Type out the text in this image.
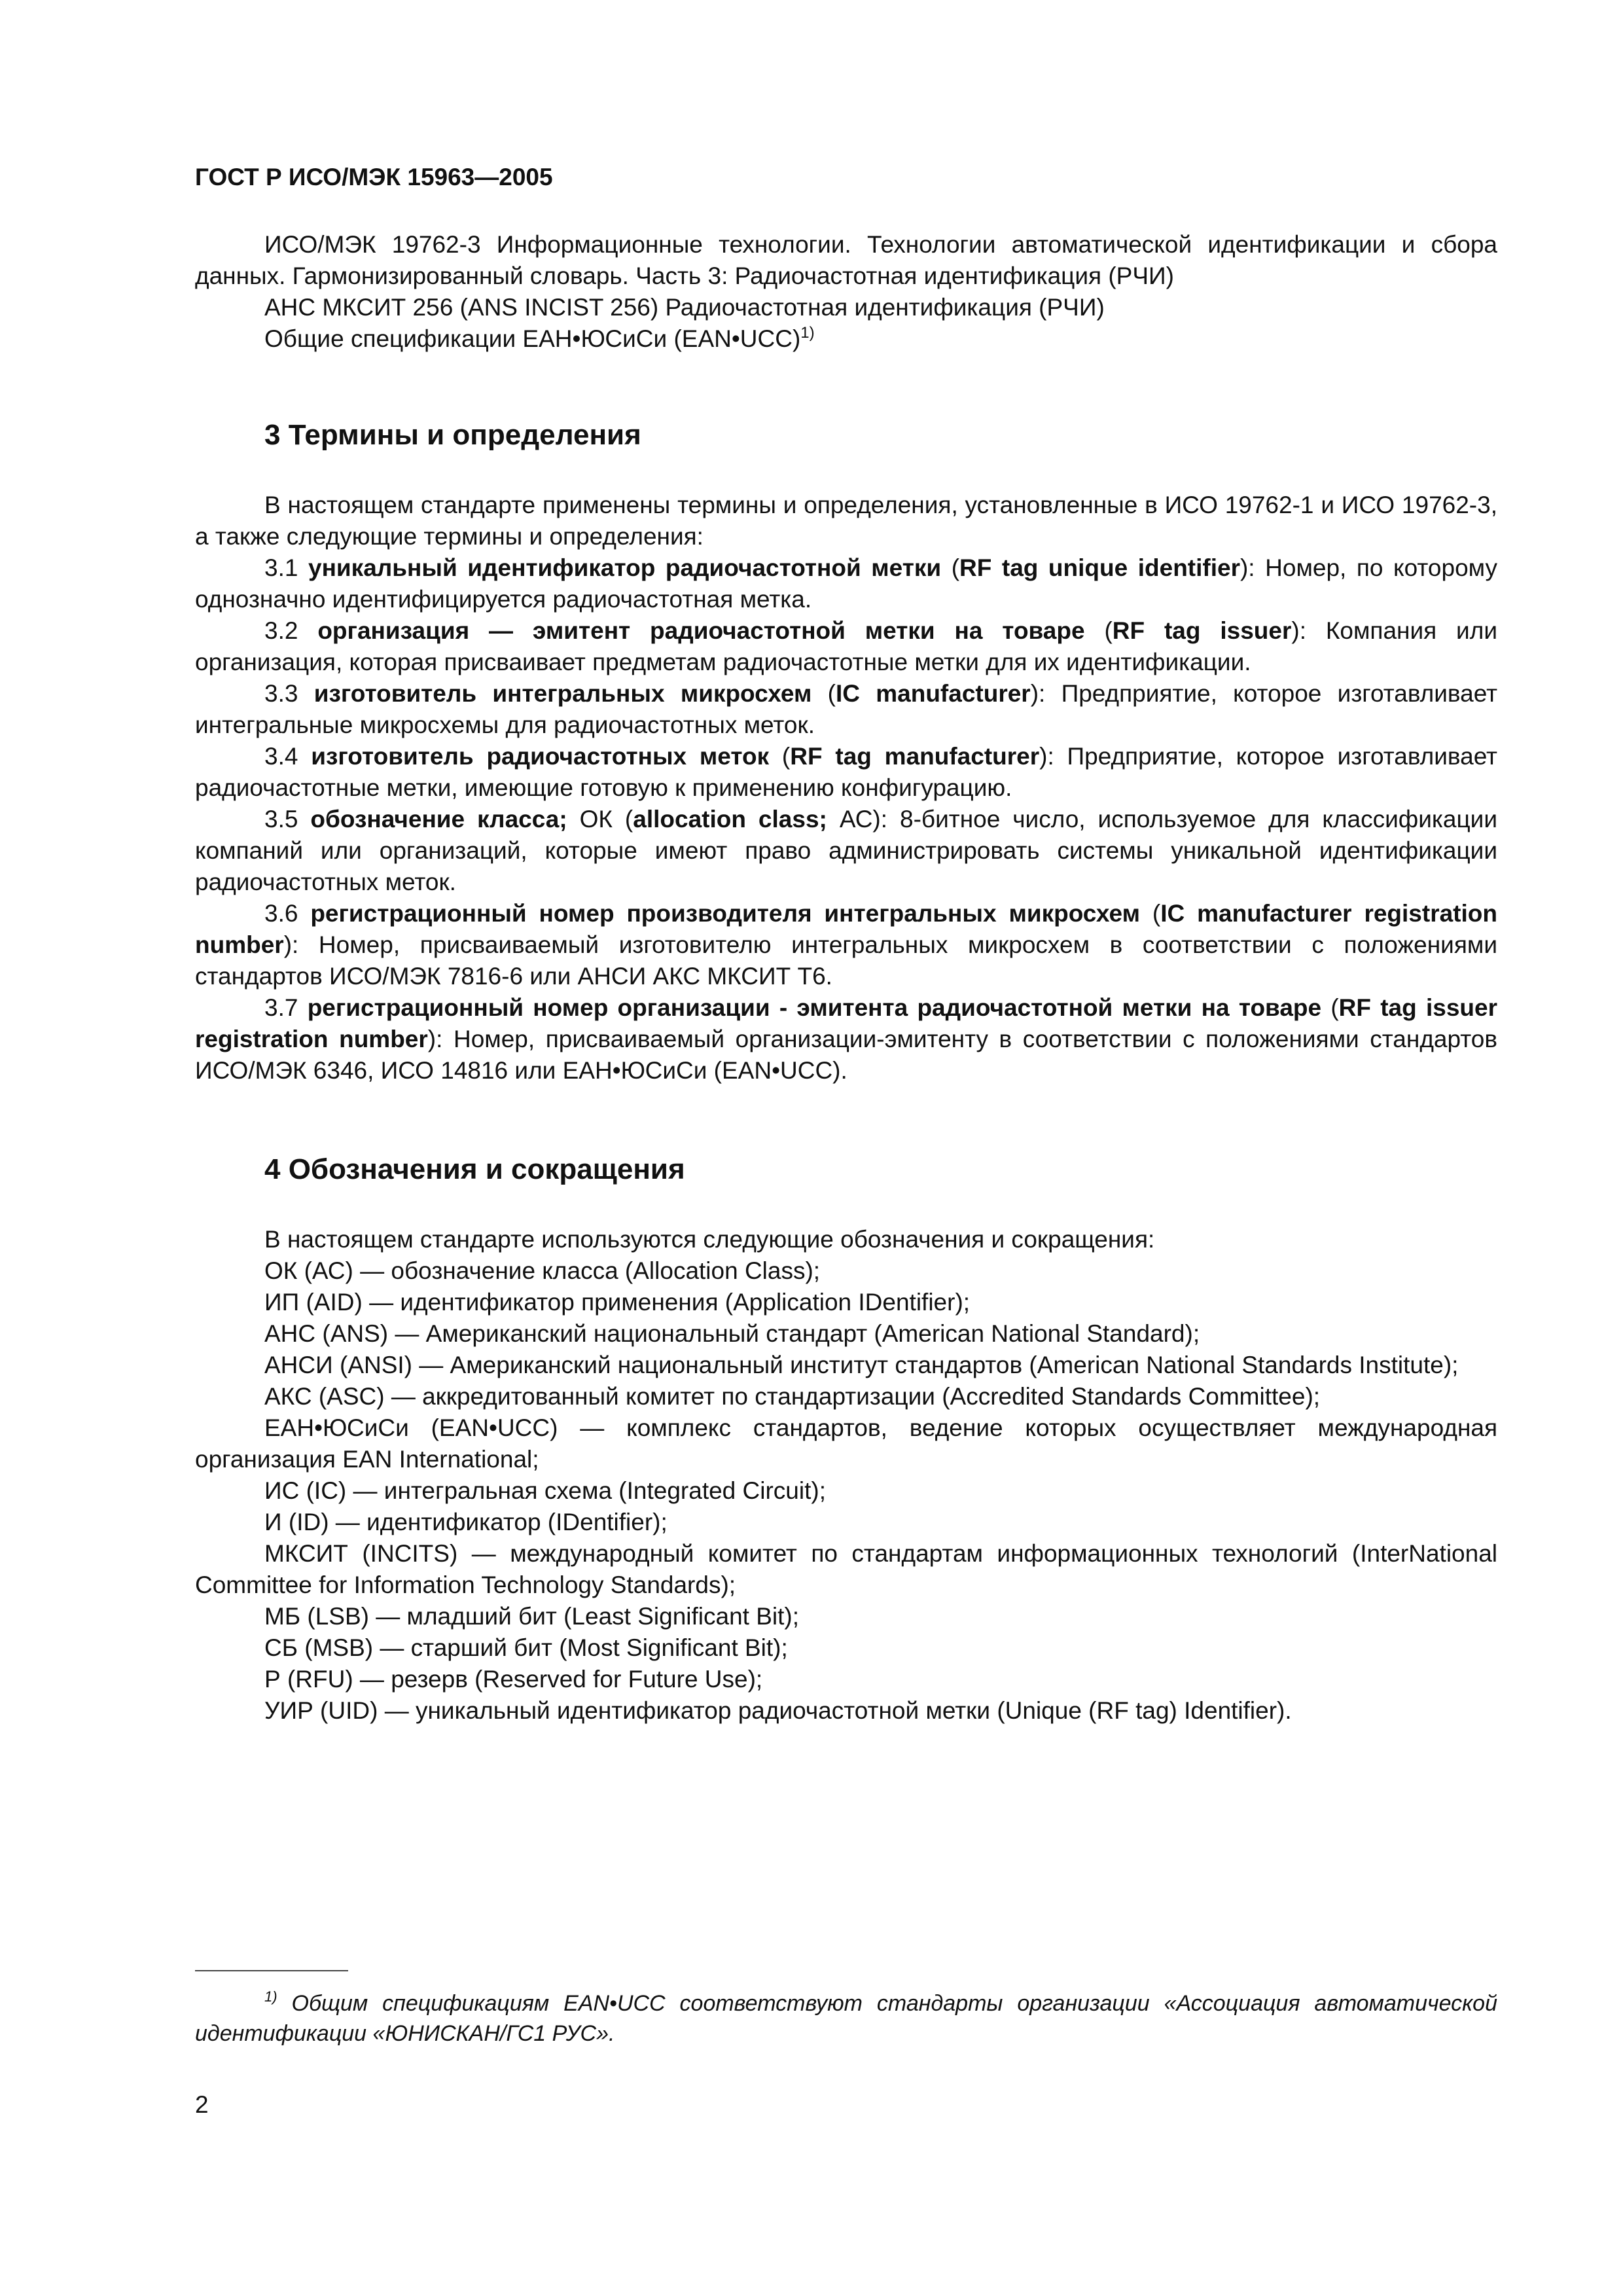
ГОСТ Р ИСО/МЭК 15963—2005

ИСО/МЭК 19762-3 Информационные технологии. Технологии автоматической идентификации и сбора данных. Гармонизированный словарь. Часть 3: Радиочастотная идентификация (РЧИ)

АНС МКСИТ 256 (ANS INCIST 256) Радиочастотная идентификация (РЧИ)

Общие спецификации ЕАН•ЮСиСи (EAN•UCC)$^{1)}$

3 Термины и определения

В настоящем стандарте применены термины и определения, установленные в ИСО 19762-1 и ИСО 19762-3, а также следующие термины и определения:

3.1 уникальный идентификатор радиочастотной метки (RF tag unique identifier): Номер, по которому однозначно идентифицируется радиочастотная метка.

3.2 организация — эмитент радиочастотной метки на товаре (RF tag issuer): Компания или организация, которая присваивает предметам радиочастотные метки для их идентификации.

3.3 изготовитель интегральных микросхем (IC manufacturer): Предприятие, которое изготавливает интегральные микросхемы для радиочастотных меток.

3.4 изготовитель радиочастотных меток (RF tag manufacturer): Предприятие, которое изготавливает радиочастотные метки, имеющие готовую к применению конфигурацию.

3.5 обозначение класса; ОК (allocation class; АС): 8-битное число, используемое для классификации компаний или организаций, которые имеют право администрировать системы уникальной идентификации радиочастотных меток.

3.6 регистрационный номер производителя интегральных микросхем (IC manufacturer registration number): Номер, присваиваемый изготовителю интегральных микросхем в соответствии с положениями стандартов ИСО/МЭК 7816-6 или АНСИ АКС МКСИТ Т6.

3.7 регистрационный номер организации - эмитента радиочастотной метки на товаре (RF tag issuer registration number): Номер, присваиваемый организации-эмитенту в соответствии с положениями стандартов ИСО/МЭК 6346, ИСО 14816 или ЕАН•ЮСиСи (EAN•UCC).

4 Обозначения и сокращения

В настоящем стандарте используются следующие обозначения и сокращения:

ОК (АС) — обозначение класса (Allocation Class);

ИП (AID) — идентификатор применения (Application IDentifier);

АНС (ANS) — Американский национальный стандарт (American National Standard);

АНСИ (ANSI) — Американский национальный институт стандартов (American National Standards Institute);

АКС (ASC) — аккредитованный комитет по стандартизации (Accredited Standards Committee);

ЕАН•ЮСиСи (EAN•UCC) — комплекс стандартов, ведение которых осуществляет международная организация EAN International;

ИС (IC) — интегральная схема (Integrated Circuit);

И (ID) — идентификатор (IDentifier);

МКСИТ (INCITS) — международный комитет по стандартам информационных технологий (InterNational Committee for Information Technology Standards);

МБ (LSB) — младший бит (Least Significant Bit);

СБ (MSB) — старший бит (Most Significant Bit);

Р (RFU) — резерв (Reserved for Future Use);

УИР (UID) — уникальный идентификатор радиочастотной метки (Unique (RF tag) Identifier).

$^{1)}$ Общим спецификациям EAN•UCC соответствуют стандарты организации «Ассоциация автоматической идентификации «ЮНИСКАН/ГС1 РУС».

2
